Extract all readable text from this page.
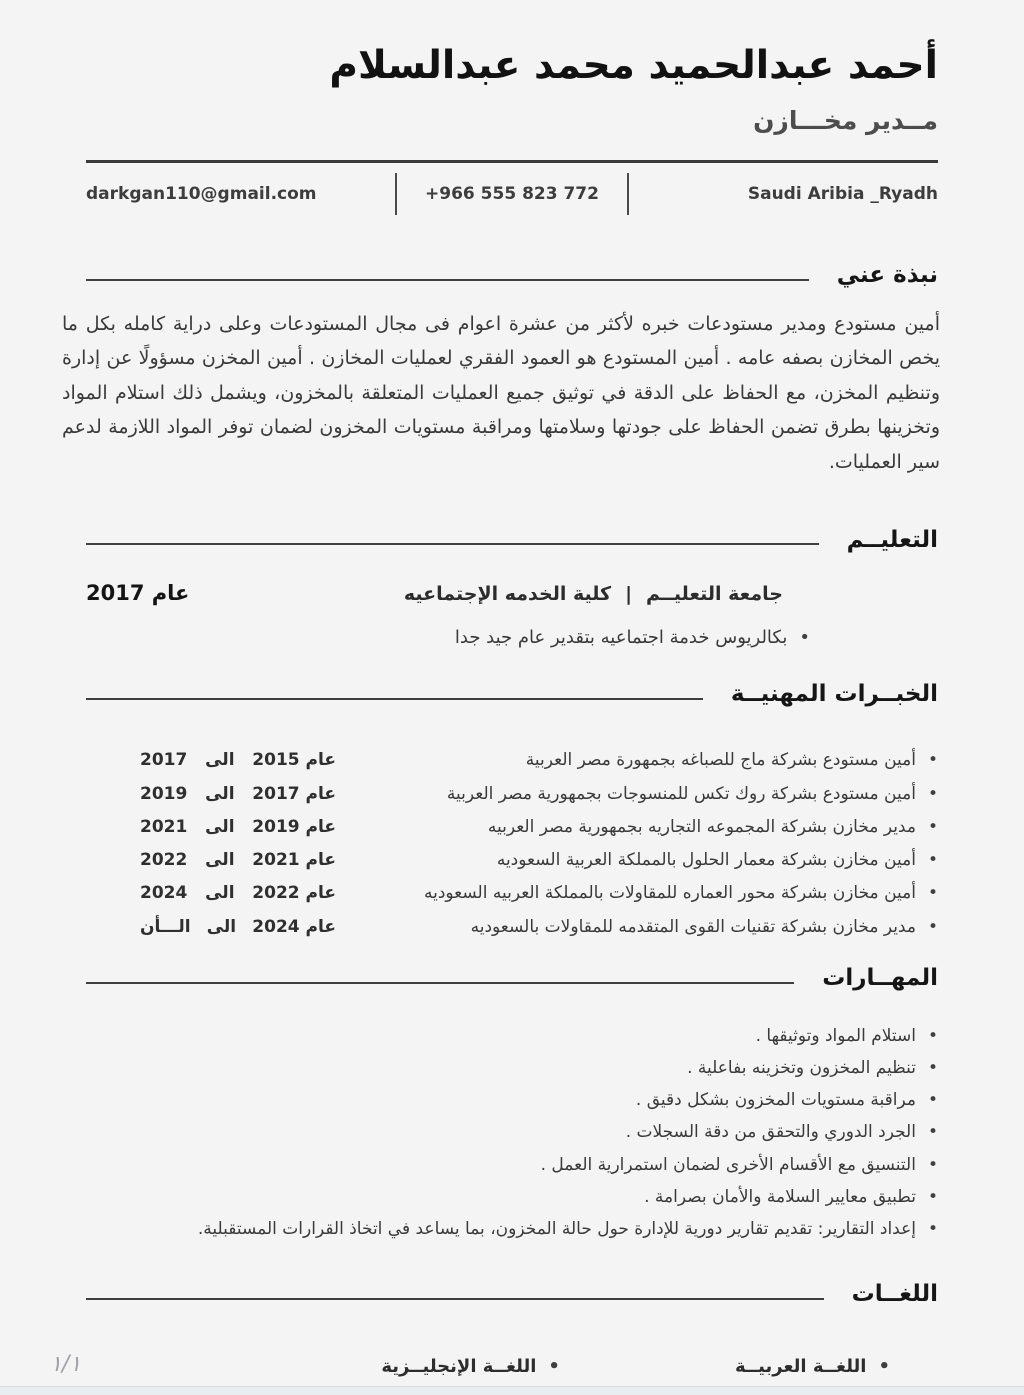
أحمد عبدالحميد محمد عبدالسلام
مــدير مخـــازن
darkgan110@gmail.com	+966 555 823 772	Saudi Aribia _Ryadh
نبذة عني

أمين مستودع ومدير مستودعات خبره لأكثر من عشرة اعوام فى مجال المستودعات وعلى دراية كامله بكل ما يخص المخازن بصفه عامه . أمين المستودع هو العمود الفقري لعمليات المخازن . أمين المخزن مسؤولًا عن إدارة وتنظيم المخزن، مع الحفاظ على الدقة في توثيق جميع العمليات المتعلقة بالمخزون، ويشمل ذلك استلام المواد وتخزينها بطرق تضمن الحفاظ على جودتها وسلامتها ومراقبة مستويات المخزون لضمان توفر المواد اللازمة لدعم سير العمليات.

التعليــم
جامعة التعليــم|كلية الخدمه الإجتماعيه
عام 2017
• بكالريوس خدمة اجتماعيه بتقدير عام جيد جدا
الخبــرات المهنيــة
• أمين مستودع بشركة ماج للصباغه بجمهورة مصر العربية
عام 2015
الى
2017
• أمين مستودع بشركة روك تكس للمنسوجات بجمهورية مصر العربية
عام 2017
الى
2019
• مدير مخازن بشركة المجموعه التجاريه بجمهورية مصر العربيه
عام 2019
الى
2021
• أمين مخازن بشركة معمار الحلول بالمملكة العربية السعوديه
عام 2021
الى
2022
• أمين مخازن بشركة محور العماره للمقاولات بالمملكة العربيه السعوديه
عام 2022
الى
2024
• مدير مخازن بشركة تقنيات القوى المتقدمه للمقاولات بالسعوديه
عام 2024
الى
الـــأن
المهــارات
• استلام المواد وتوثيقها .
• تنظيم المخزون وتخزينه بفاعلية .
• مراقبة مستويات المخزون بشكل دقيق .
• الجرد الدوري والتحقق من دقة السجلات .
• التنسيق مع الأقسام الأخرى لضمان استمرارية العمل .
• تطبيق معايير السلامة والأمان بصرامة .
• إعداد التقارير: تقديم تقارير دورية للإدارة حول حالة المخزون، بما يساعد في اتخاذ القرارات المستقبلية.
اللغــات
• اللغــة العربيــة
• اللغــة الإنجليــزية
١/١
